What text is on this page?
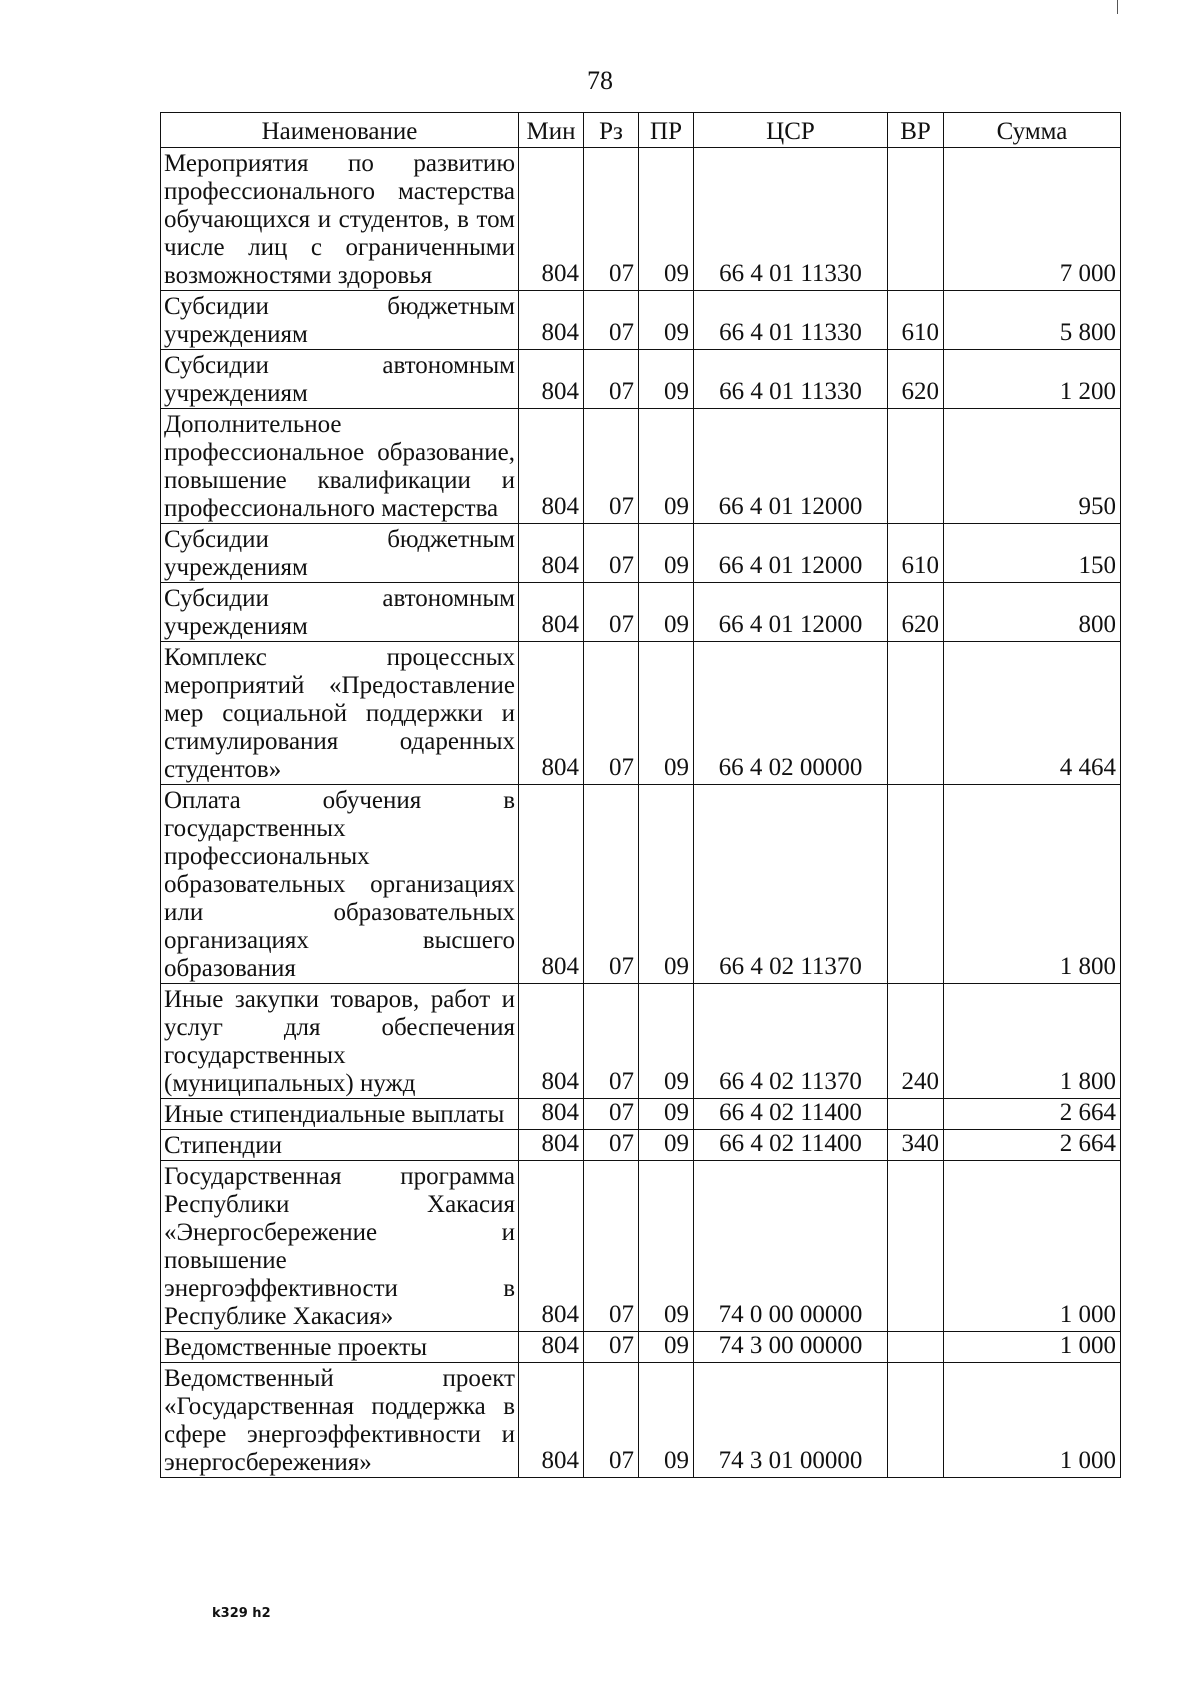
78
Наименование	Мин	Рз	ПР	ЦСР	ВР	Сумма
Мероприятия по развитию профессионального мастерства обучающихся и студентов, в том числе лиц с ограниченными возможностями здоровья	804	07	09	66 4 01 11330		7 000
Субсидии бюджетным учреждениям	804	07	09	66 4 01 11330	610	5 800
Субсидии автономным учреждениям	804	07	09	66 4 01 11330	620	1 200
Дополнительное профессиональное образование, повышение квалификации и профессионального мастерства	804	07	09	66 4 01 12000		950
Субсидии бюджетным учреждениям	804	07	09	66 4 01 12000	610	150
Субсидии автономным учреждениям	804	07	09	66 4 01 12000	620	800
Комплекс процессных мероприятий «Предоставление мер социальной поддержки и стимулирования одаренных студентов»	804	07	09	66 4 02 00000		4 464
Оплата обучения в государственных профессиональных образовательных организациях или образовательных организациях высшего образования	804	07	09	66 4 02 11370		1 800
Иные закупки товаров, работ и услуг для обеспечения государственных (муниципальных) нужд	804	07	09	66 4 02 11370	240	1 800
Иные стипендиальные выплаты	804	07	09	66 4 02 11400		2 664
Стипендии	804	07	09	66 4 02 11400	340	2 664
Государственная программа Республики Хакасия «Энергосбережение и повышение энергоэффективности в Республике Хакасия»	804	07	09	74 0 00 00000		1 000
Ведомственные проекты	804	07	09	74 3 00 00000		1 000
Ведомственный проект «Государственная поддержка в сфере энергоэффективности и энергосбережения»	804	07	09	74 3 01 00000		1 000
k329 h2
